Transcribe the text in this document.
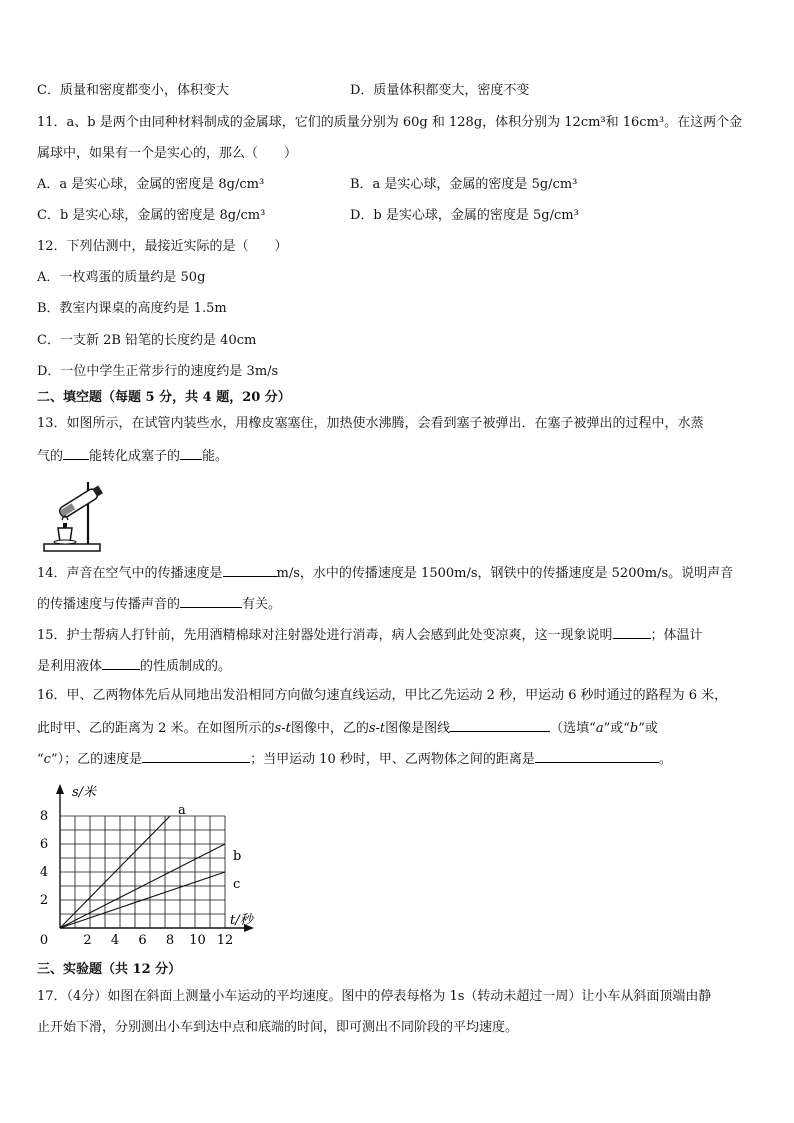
C．质量和密度都变小，体积变大	D．质量体积都变大，密度不变
11．a、b 是两个由同种材料制成的金属球，它们的质量分别为 60g 和 128g，体积分别为 12cm³和 16cm³。在这两个金
属球中，如果有一个是实心的，那么（　　）
A．a 是实心球，金属的密度是 8g/cm³	B．a 是实心球，金属的密度是 5g/cm³
C．b 是实心球，金属的密度是 8g/cm³	D．b 是实心球，金属的密度是 5g/cm³
12．下列估测中，最接近实际的是（　　）
A．一枚鸡蛋的质量约是 50g
B．教室内课桌的高度约是 1.5m
C．一支新 2B 铅笔的长度约是 40cm
D．一位中学生正常步行的速度约是 3m/s
二、填空题（每题 5 分，共 4 题，20 分）
13．如图所示，在试管内装些水，用橡皮塞塞住，加热使水沸腾，会看到塞子被弹出．在塞子被弹出的过程中，水蒸
气的 能转化成塞子的 能。
14．声音在空气中的传播速度是	m/s，水中的传播速度是 1500m/s，钢铁中的传播速度是 5200m/s。说明声音
的传播速度与传播声音的	有关。
15．护士帮病人打针前，先用酒精棉球对注射器处进行消毒，病人会感到此处变凉爽，这一现象说明	；体温计
是利用液体	的性质制成的。
16．甲、乙两物体先后从同地出发沿相同方向做匀速直线运动，甲比乙先运动 2 秒，甲运动 6 秒时通过的路程为 6 米，
此时甲、乙的距离为 2 米。在如图所示的s-t图像中，乙的s-t图像是图线	（选填“a”或“b”或
“c”）；乙的速度是	；当甲运动 10 秒时，甲、乙两物体之间的距离是	。
2 4 6 8 10 12
2
4
6
8	a
b
c
s/米
t/秒
0
三、实验题（共 12 分）
17．（4分）如图在斜面上测量小车运动的平均速度。图中的停表每格为 1s（转动未超过一周）让小车从斜面顶端由静
止开始下滑，分别测出小车到达中点和底端的时间，即可测出不同阶段的平均速度。
